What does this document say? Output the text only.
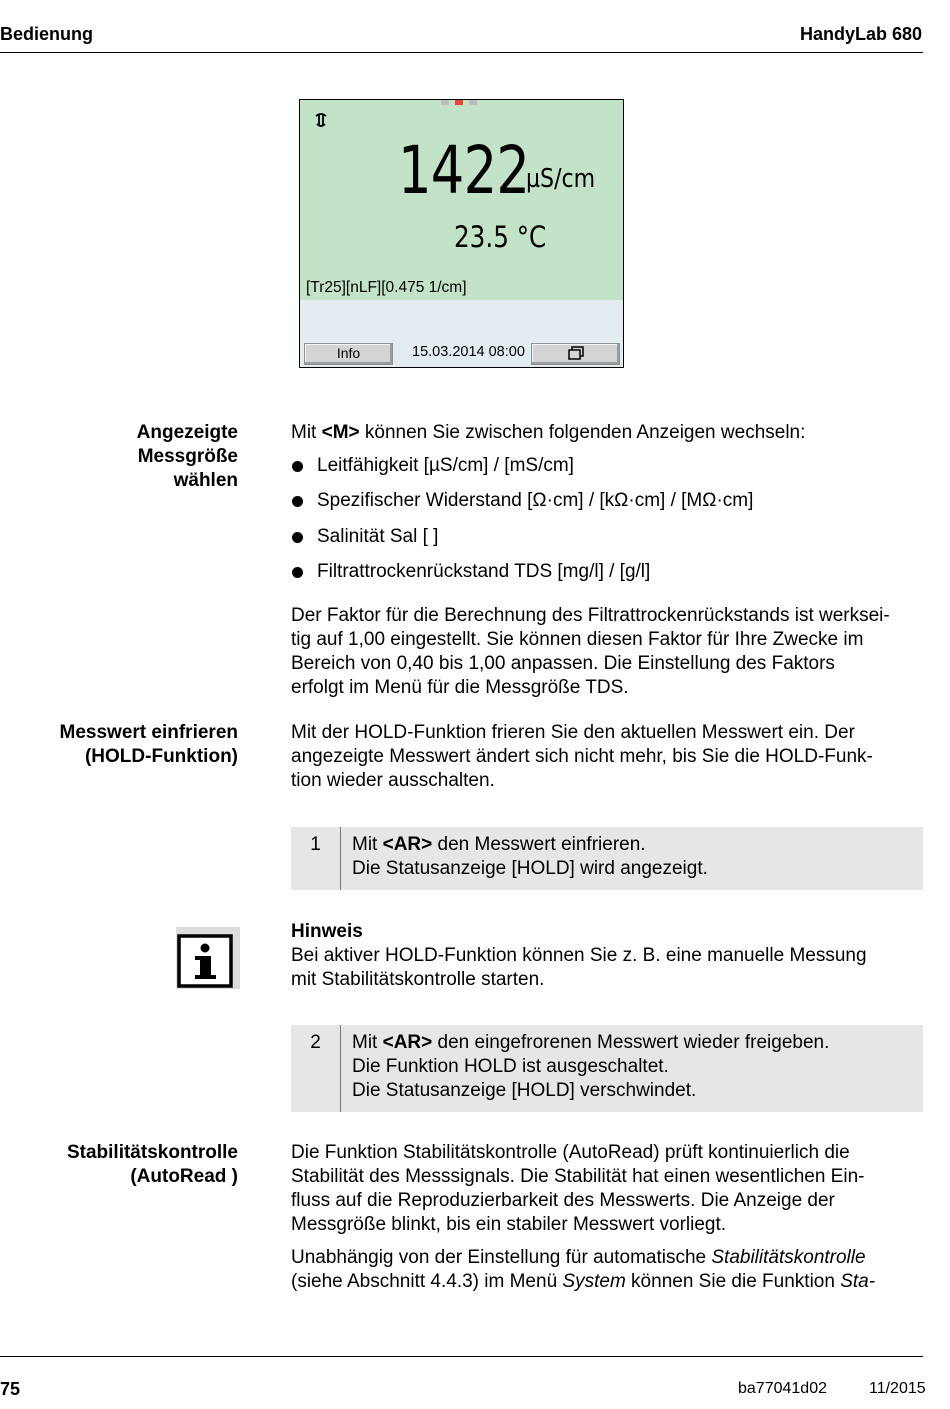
Bedienung	HandyLab 680
1422
µS/cm
23.5 °C
[Tr25][nLF][0.475 1/cm]
Info	15.03.2014 08:00
Angezeigte
Messgröße
wählen
Mit <M> können Sie zwischen folgenden Anzeigen wechseln:
Leitfähigkeit [µS/cm] / [mS/cm]
Spezifischer Widerstand [Ω·cm] / [kΩ·cm] / [MΩ·cm]
Salinität Sal [ ]
Filtrattrockenrückstand TDS [mg/l] / [g/l]
Der Faktor für die Berechnung des Filtrattrockenrückstands ist werksei-
tig auf 1,00 eingestellt. Sie können diesen Faktor für Ihre Zwecke im
Bereich von 0,40 bis 1,00 anpassen. Die Einstellung des Faktors
erfolgt im Menü für die Messgröße TDS.
Messwert einfrieren
(HOLD-Funktion)
Mit der HOLD-Funktion frieren Sie den aktuellen Messwert ein. Der
angezeigte Messwert ändert sich nicht mehr, bis Sie die HOLD-Funk-
tion wieder ausschalten.
1	Mit <AR> den Messwert einfrieren.
Die Statusanzeige [HOLD] wird angezeigt.
Hinweis
Bei aktiver HOLD-Funktion können Sie z. B. eine manuelle Messung
mit Stabilitätskontrolle starten.
2	Mit <AR> den eingefrorenen Messwert wieder freigeben.
Die Funktion HOLD ist ausgeschaltet.
Die Statusanzeige [HOLD] verschwindet.
Stabilitätskontrolle
(AutoRead )
Die Funktion Stabilitätskontrolle (AutoRead) prüft kontinuierlich die
Stabilität des Messsignals. Die Stabilität hat einen wesentlichen Ein-
fluss auf die Reproduzierbarkeit des Messwerts. Die Anzeige der
Messgröße blinkt, bis ein stabiler Messwert vorliegt.
Unabhängig von der Einstellung für automatische Stabilitätskontrolle
(siehe Abschnitt 4.4.3) im Menü System können Sie die Funktion Sta-
75	ba77041d02	11/2015
